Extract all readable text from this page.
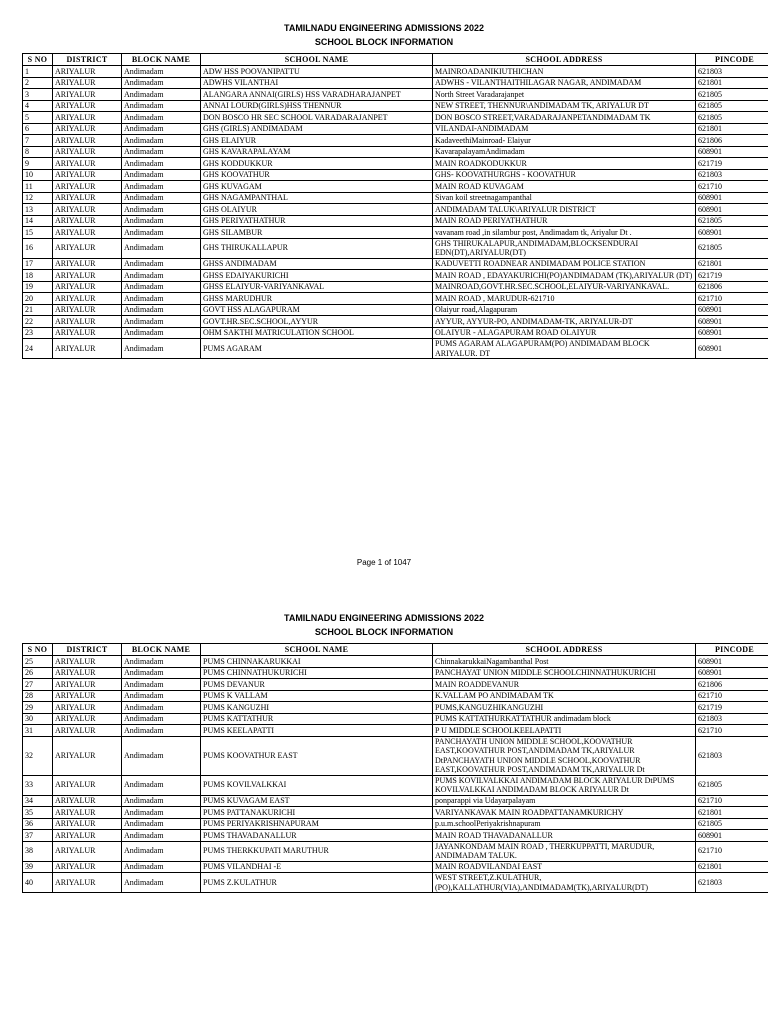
TAMILNADU ENGINEERING ADMISSIONS 2022
SCHOOL BLOCK INFORMATION
S NO	DISTRICT	BLOCK NAME	SCHOOL NAME	SCHOOL ADDRESS	PINCODE
1	ARIYALUR	Andimadam	ADW HSS POOVANIPATTU	MAINROADANIKIUTHICHAN	621803
2	ARIYALUR	Andimadam	ADWHS VILANTHAI	ADWHS - VILANTHAITHILAGAR NAGAR, ANDIMADAM	621801
3	ARIYALUR	Andimadam	ALANGARA ANNAI(GIRLS) HSS VARADHARAJANPET	North Street Varadarajanpet	621805
4	ARIYALUR	Andimadam	ANNAI LOURD(GIRLS)HSS THENNUR	NEW STREET, THENNUR\ANDIMADAM TK, ARIYALUR DT	621805
5	ARIYALUR	Andimadam	DON BOSCO HR SEC SCHOOL VARADARAJANPET	DON BOSCO STREET,VARADARAJANPETANDIMADAM TK	621805
6	ARIYALUR	Andimadam	GHS (GIRLS) ANDIMADAM	VILANDAI-ANDIMADAM	621801
7	ARIYALUR	Andimadam	GHS ELAIYUR	KadaveethiMainroad- Elaiyur	621806
8	ARIYALUR	Andimadam	GHS KAVARAPALAYAM	KavarapalayamAndimadam	608901
9	ARIYALUR	Andimadam	GHS KODDUKKUR	MAIN ROADKODUKKUR	621719
10	ARIYALUR	Andimadam	GHS KOOVATHUR	GHS- KOOVATHURGHS - KOOVATHUR	621803
11	ARIYALUR	Andimadam	GHS KUVAGAM	MAIN ROAD KUVAGAM	621710
12	ARIYALUR	Andimadam	GHS NAGAMPANTHAL	Sivan koil streetnagampanthal	608901
13	ARIYALUR	Andimadam	GHS OLAIYUR	ANDIMADAM TALUK\ARIYALUR DISTRICT	608901
14	ARIYALUR	Andimadam	GHS PERIYATHATHUR	MAIN ROAD PERIYATHATHUR	621805
15	ARIYALUR	Andimadam	GHS SILAMBUR	vavanam road ,in silambur post, Andimadam tk, Ariyalur Dt .	608901
16	ARIYALUR	Andimadam	GHS THIRUKALLAPUR	GHS THIRUKALAPUR,ANDIMADAM,BLOCKSENDURAI EDN(DT),ARIYALUR(DT)	621805
17	ARIYALUR	Andimadam	GHSS ANDIMADAM	KADUVETTI ROADNEAR ANDIMADAM POLICE STATION	621801
18	ARIYALUR	Andimadam	GHSS EDAIYAKURICHI	MAIN ROAD , EDAYAKURICHI(PO)ANDIMADAM (TK),ARIYALUR (DT)	621719
19	ARIYALUR	Andimadam	GHSS ELAIYUR-VARIYANKAVAL	MAINROAD,GOVT.HR.SEC.SCHOOL,ELAIYUR-VARIYANKAVAL.	621806
20	ARIYALUR	Andimadam	GHSS MARUDHUR	MAIN ROAD , MARUDUR-621710	621710
21	ARIYALUR	Andimadam	GOVT HSS ALAGAPURAM	Olaiyur road,Alagapuram	608901
22	ARIYALUR	Andimadam	GOVT.HR.SEC.SCHOOL,AYYUR	AYYUR, AYYUR-PO, ANDIMADAM-TK, ARIYALUR-DT	608901
23	ARIYALUR	Andimadam	OHM SAKTHI MATRICULATION SCHOOL	OLAIYUR - ALAGAPURAM ROAD OLAIYUR	608901
24	ARIYALUR	Andimadam	PUMS AGARAM	PUMS AGARAM ALAGAPURAM(PO) ANDIMADAM BLOCK ARIYALUR. DT	608901
Page 1 of 1047
TAMILNADU ENGINEERING ADMISSIONS 2022
SCHOOL BLOCK INFORMATION
S NO	DISTRICT	BLOCK NAME	SCHOOL NAME	SCHOOL ADDRESS	PINCODE
25	ARIYALUR	Andimadam	PUMS CHINNAKARUKKAI	ChinnakarukkaiNagambanthal Post	608901
26	ARIYALUR	Andimadam	PUMS CHINNATHUKURICHI	PANCHAYAT UNION MIDDLE SCHOOLCHINNATHUKURICHI	608901
27	ARIYALUR	Andimadam	PUMS DEVANUR	MAIN ROADDEVANUR	621806
28	ARIYALUR	Andimadam	PUMS K VALLAM	K.VALLAM PO ANDIMADAM TK	621710
29	ARIYALUR	Andimadam	PUMS KANGUZHI	PUMS,KANGUZHIKANGUZHI	621719
30	ARIYALUR	Andimadam	PUMS KATTATHUR	PUMS KATTATHURKATTATHUR andimadam block	621803
31	ARIYALUR	Andimadam	PUMS KEELAPATTI	P U MIDDLE SCHOOLKEELAPATTI	621710
32	ARIYALUR	Andimadam	PUMS KOOVATHUR EAST	PANCHAYATH UNION MIDDLE SCHOOL,KOOVATHUR EAST,KOOVATHUR POST,ANDIMADAM TK,ARIYALUR DtPANCHAYATH UNION MIDDLE SCHOOL,KOOVATHUR EAST,KOOVATHUR POST,ANDIMADAM TK,ARIYALUR Dt	621803
33	ARIYALUR	Andimadam	PUMS KOVILVALKKAI	PUMS KOVILVALKKAI ANDIMADAM BLOCK ARIYALUR DtPUMS KOVILVALKKAI ANDIMADAM BLOCK ARIYALUR Dt	621805
34	ARIYALUR	Andimadam	PUMS KUVAGAM EAST	ponparappi via Udayarpalayam	621710
35	ARIYALUR	Andimadam	PUMS PATTANAKURICHI	VARIYANKAVAK MAIN ROADPATTANAMKURICHY	621801
36	ARIYALUR	Andimadam	PUMS PERIYAKRISHNAPURAM	p.u.m.schoolPeriyakrishnapuram	621805
37	ARIYALUR	Andimadam	PUMS THAVADANALLUR	MAIN ROAD THAVADANALLUR	608901
38	ARIYALUR	Andimadam	PUMS THERKKUPATI MARUTHUR	JAYANKONDAM MAIN ROAD , THERKUPPATTI, MARUDUR, ANDIMADAM TALUK.	621710
39	ARIYALUR	Andimadam	PUMS VILANDHAI -E	MAIN ROADVILANDAI EAST	621801
40	ARIYALUR	Andimadam	PUMS Z.KULATHUR	WEST STREET,Z.KULATHUR,(PO),KALLATHUR(VIA),ANDIMADAM(TK),ARIYALUR(DT)	621803
